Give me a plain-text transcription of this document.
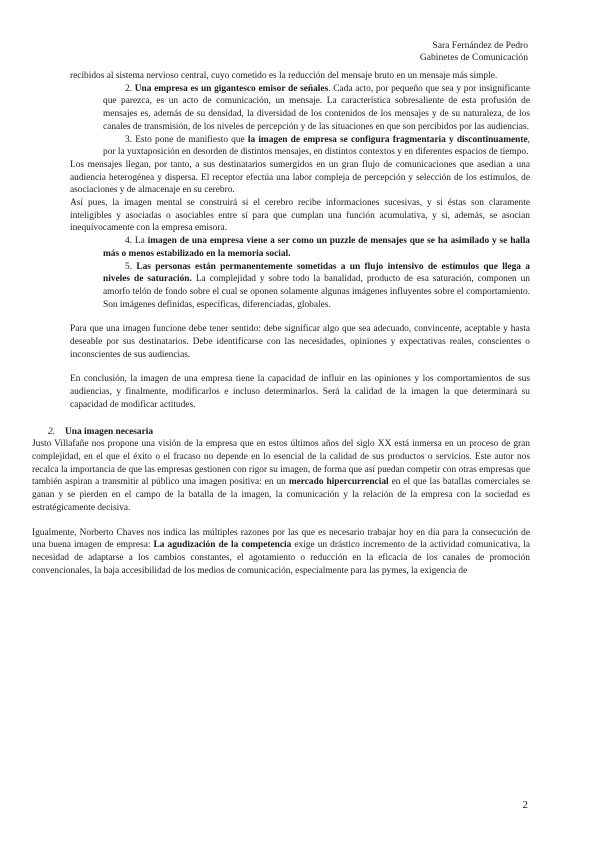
Sara Fernández de Pedro
Gabinetes de Comunicación

recibidos al sistema nervioso central, cuyo cometido es la reducción del mensaje bruto en un mensaje más simple.

2. Una empresa es un gigantesco emisor de señales. Cada acto, por pequeño que sea y por insignificante que parezca, es un acto de comunicación, un mensaje. La característica sobresaliente de esta profusión de mensajes es, además de su densidad, la diversidad de los contenidos de los mensajes y de su naturaleza, de los canales de transmisión, de los niveles de percepción y de las situaciones en que son percibidos por las audiencias.

3. Esto pone de manifiesto que la imagen de empresa se configura fragmentaria y discontinuamente, por la yuxtaposición en desorden de distintos mensajes, en distintos contextos y en diferentes espacios de tiempo.

Los mensajes llegan, por tanto, a sus destinatarios sumergidos en un gran flujo de comunicaciones que asedian a una audiencia heterogénea y dispersa. El receptor efectúa una labor compleja de percepción y selección de los estímulos, de asociaciones y de almacenaje en su cerebro.

Así pues, la imagen mental se construirá si el cerebro recibe informaciones sucesivas, y si éstas son claramente inteligibles y asociadas o asociables entre sí para que cumplan una función acumulativa, y si, además, se asocian inequívocamente con la empresa emisora.

4. La imagen de una empresa viene a ser como un puzzle de mensajes que se ha asimilado y se halla más o menos estabilizado en la memoria social.

5. Las personas están permanentemente sometidas a un flujo intensivo de estímulos que llega a niveles de saturación. La complejidad y sobre todo la banalidad, producto de esa saturación, componen un amorfo telón de fondo sobre el cual se oponen solamente algunas imágenes influyentes sobre el comportamiento. Son imágenes definidas, específicas, diferenciadas, globales.

Para que una imagen funcione debe tener sentido: debe significar algo que sea adecuado, convincente, aceptable y hasta deseable por sus destinatarios. Debe identificarse con las necesidades, opiniones y expectativas reales, conscientes o inconscientes de sus audiencias.

En conclusión, la imagen de una empresa tiene la capacidad de influir en las opiniones y los comportamientos de sus audiencias, y finalmente, modificarlos e incluso determinarlos. Será la calidad de la imagen la que determinará su capacidad de modificar actitudes.

2. Una imagen necesaria

Justo Villafañe nos propone una visión de la empresa que en estos últimos años del siglo XX está inmersa en un proceso de gran complejidad, en el que el éxito o el fracaso no depende en lo esencial de la calidad de sus productos o servicios. Este autor nos recalca la importancia de que las empresas gestionen con rigor su imagen, de forma que así puedan competir con otras empresas que también aspiran a transmitir al público una imagen positiva: en un mercado hipercurrencial en el que las batallas comerciales se ganan y se pierden en el campo de la batalla de la imagen, la comunicación y la relación de la empresa con la sociedad es estratégicamente decisiva.

Igualmente, Norberto Chaves nos indica las múltiples razones por las que es necesario trabajar hoy en día para la consecución de una buena imagen de empresa: La agudización de la competencia exige un drástico incremento de la actividad comunicativa, la necesidad de adaptarse a los cambios constantes, el agotamiento o reducción en la eficacia de los canales de promoción convencionales, la baja accesibilidad de los medios de comunicación, especialmente para las pymes, la exigencia de

2
